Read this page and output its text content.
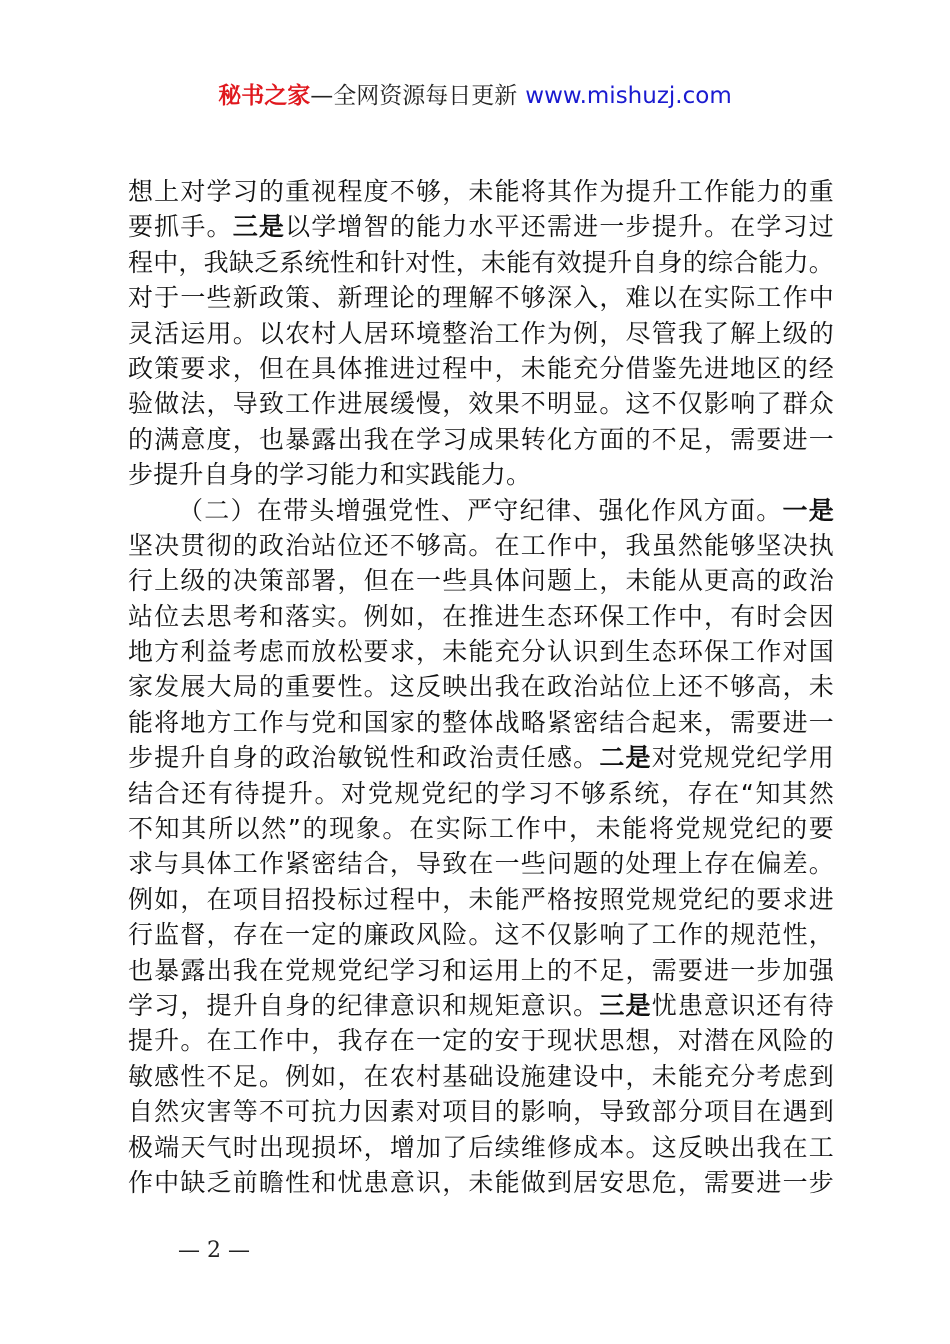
秘书之家—全网资源每日更新 www.mishuzj.com
想上对学习的重视程度不够，未能将其作为提升工作能力的重
要抓手。三是以学增智的能力水平还需进一步提升。在学习过
程中，我缺乏系统性和针对性，未能有效提升自身的综合能力。
对于一些新政策、新理论的理解不够深入，难以在实际工作中
灵活运用。以农村人居环境整治工作为例，尽管我了解上级的
政策要求，但在具体推进过程中，未能充分借鉴先进地区的经
验做法，导致工作进展缓慢，效果不明显。这不仅影响了群众
的满意度，也暴露出我在学习成果转化方面的不足，需要进一
步提升自身的学习能力和实践能力。
（二）在带头增强党性、严守纪律、强化作风方面。一是
坚决贯彻的政治站位还不够高。在工作中，我虽然能够坚决执
行上级的决策部署，但在一些具体问题上，未能从更高的政治
站位去思考和落实。例如，在推进生态环保工作中，有时会因
地方利益考虑而放松要求，未能充分认识到生态环保工作对国
家发展大局的重要性。这反映出我在政治站位上还不够高，未
能将地方工作与党和国家的整体战略紧密结合起来，需要进一
步提升自身的政治敏锐性和政治责任感。二是对党规党纪学用
结合还有待提升。对党规党纪的学习不够系统，存在“知其然
不知其所以然”的现象。在实际工作中，未能将党规党纪的要
求与具体工作紧密结合，导致在一些问题的处理上存在偏差。
例如，在项目招投标过程中，未能严格按照党规党纪的要求进
行监督，存在一定的廉政风险。这不仅影响了工作的规范性，
也暴露出我在党规党纪学习和运用上的不足，需要进一步加强
学习，提升自身的纪律意识和规矩意识。三是忧患意识还有待
提升。在工作中，我存在一定的安于现状思想，对潜在风险的
敏感性不足。例如，在农村基础设施建设中，未能充分考虑到
自然灾害等不可抗力因素对项目的影响，导致部分项目在遇到
极端天气时出现损坏，增加了后续维修成本。这反映出我在工
作中缺乏前瞻性和忧患意识，未能做到居安思危，需要进一步
— 2 —
